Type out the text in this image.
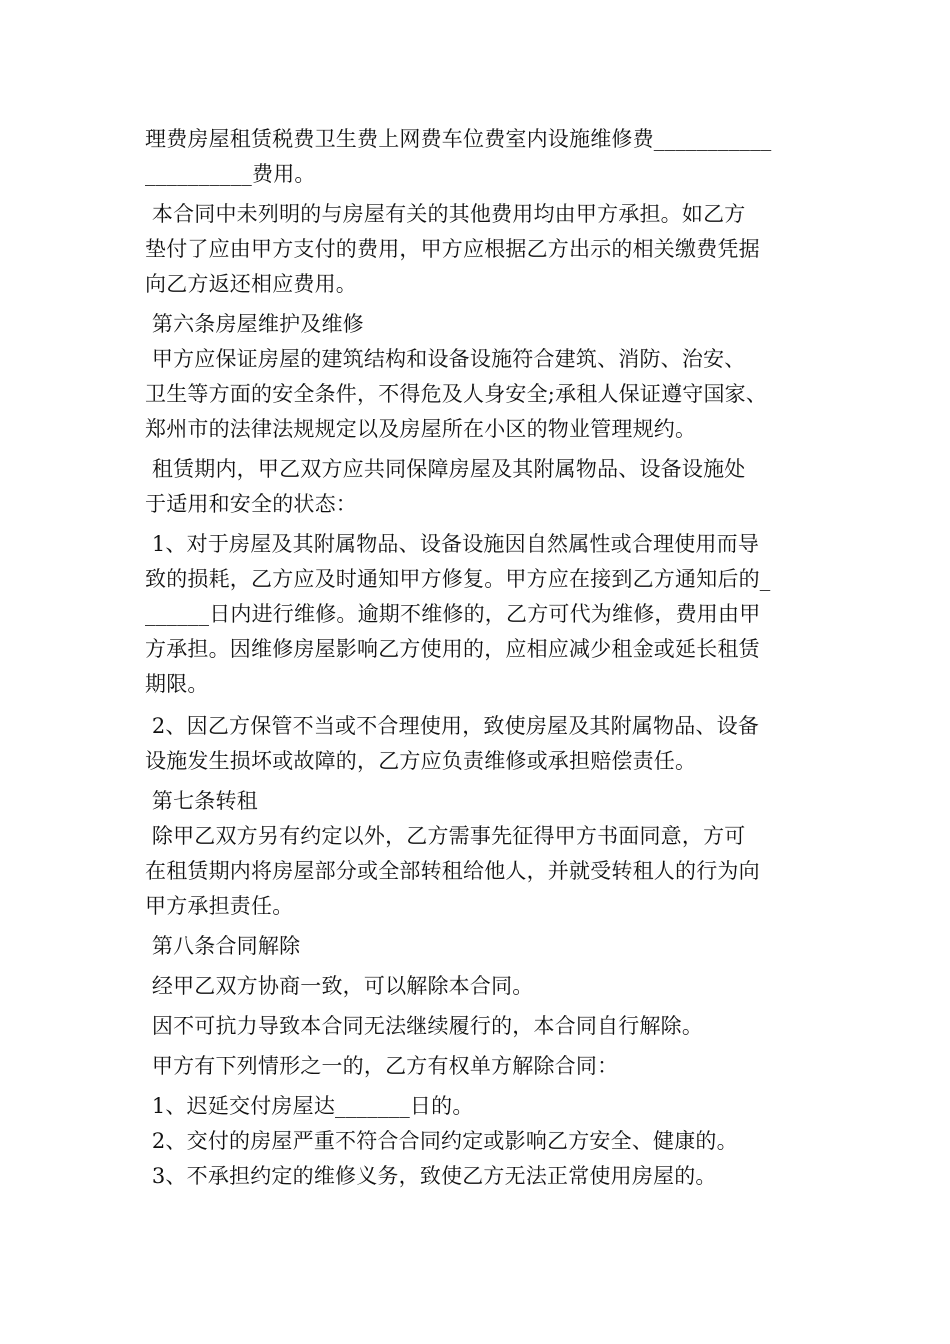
理费房屋租赁税费卫生费上网费车位费室内设施维修费___________
__________费用。
本合同中未列明的与房屋有关的其他费用均由甲方承担。如乙方
垫付了应由甲方支付的费用，甲方应根据乙方出示的相关缴费凭据
向乙方返还相应费用。
第六条房屋维护及维修
甲方应保证房屋的建筑结构和设备设施符合建筑、消防、治安、
卫生等方面的安全条件，不得危及人身安全;承租人保证遵守国家、
郑州市的法律法规规定以及房屋所在小区的物业管理规约。
租赁期内，甲乙双方应共同保障房屋及其附属物品、设备设施处
于适用和安全的状态：
1、对于房屋及其附属物品、设备设施因自然属性或合理使用而导
致的损耗，乙方应及时通知甲方修复。甲方应在接到乙方通知后的_
______日内进行维修。逾期不维修的，乙方可代为维修，费用由甲
方承担。因维修房屋影响乙方使用的，应相应减少租金或延长租赁
期限。
2、因乙方保管不当或不合理使用，致使房屋及其附属物品、设备
设施发生损坏或故障的，乙方应负责维修或承担赔偿责任。
第七条转租
除甲乙双方另有约定以外，乙方需事先征得甲方书面同意，方可
在租赁期内将房屋部分或全部转租给他人，并就受转租人的行为向
甲方承担责任。
第八条合同解除
经甲乙双方协商一致，可以解除本合同。
因不可抗力导致本合同无法继续履行的，本合同自行解除。
甲方有下列情形之一的，乙方有权单方解除合同：
1、迟延交付房屋达_______日的。
2、交付的房屋严重不符合合同约定或影响乙方安全、健康的。
3、不承担约定的维修义务，致使乙方无法正常使用房屋的。
